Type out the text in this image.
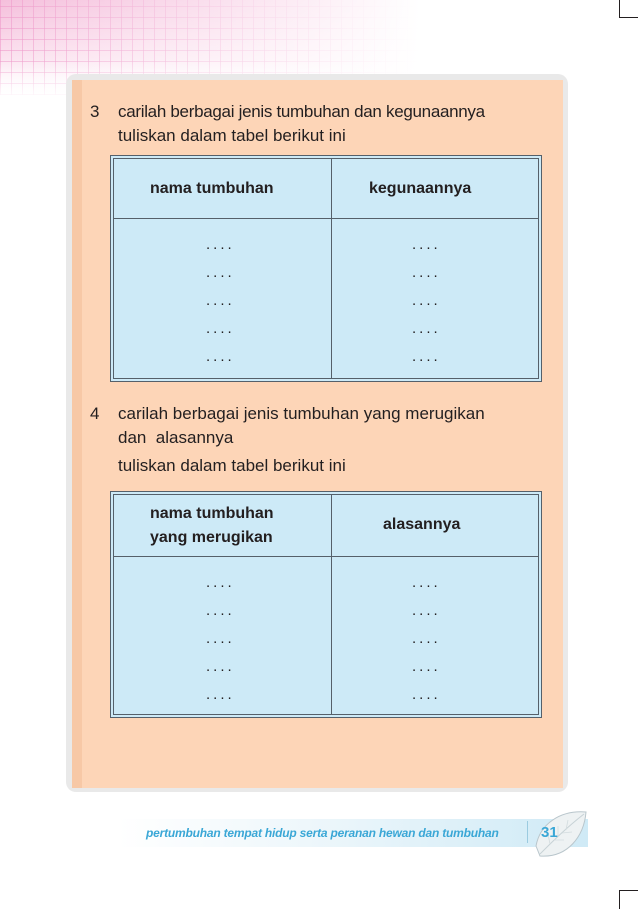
3 carilah berbagai jenis tumbuhan dan kegunaannya
tuliskan dalam tabel berikut ini
nama tumbuhan	kegunaannya
....
....
....
....
....
....
....
....
....
....
4 carilah berbagai jenis tumbuhan yang merugikan
dan  alasannya
tuliskan dalam tabel berikut ini
nama tumbuhan
yang merugikan
alasannya
....
....
....
....
....
....
....
....
....
....
pertumbuhan tempat hidup serta peranan hewan dan tumbuhan	31
